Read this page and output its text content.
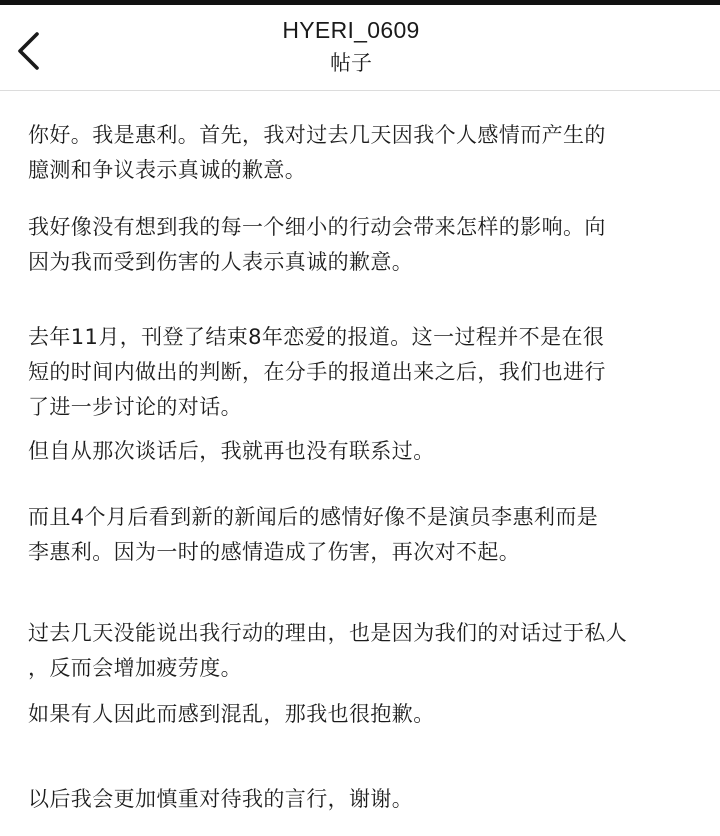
HYERI_0609
帖子

你好。我是惠利。首先，我对过去几天因我个人感情而产生的
臆测和争议表示真诚的歉意。

我好像没有想到我的每一个细小的行动会带来怎样的影响。向
因为我而受到伤害的人表示真诚的歉意。

去年11月，刊登了结束8年恋爱的报道。这一过程并不是在很
短的时间内做出的判断，在分手的报道出来之后，我们也进行
了进一步讨论的对话。

但自从那次谈话后，我就再也没有联系过。

而且4个月后看到新的新闻后的感情好像不是演员李惠利而是
李惠利。因为一时的感情造成了伤害，再次对不起。

过去几天没能说出我行动的理由，也是因为我们的对话过于私人
，反而会增加疲劳度。

如果有人因此而感到混乱，那我也很抱歉。

以后我会更加慎重对待我的言行，谢谢。
